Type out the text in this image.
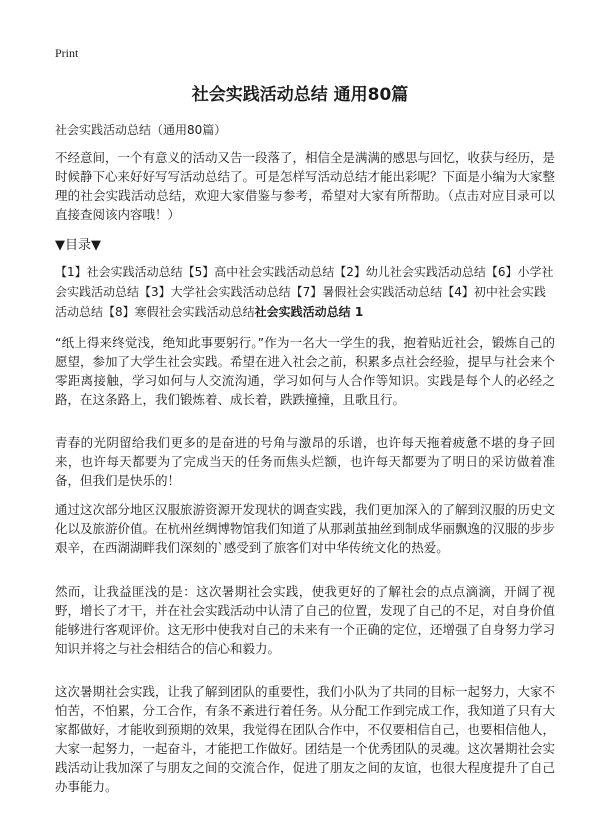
Print
社会实践活动总结 通用80篇

社会实践活动总结（通用80篇）

不经意间，一个有意义的活动又告一段落了，相信全是满满的感思与回忆，收获与经历，是时候静下心来好好写写活动总结了。可是怎样写活动总结才能出彩呢？下面是小编为大家整理的社会实践活动总结，欢迎大家借鉴与参考，希望对大家有所帮助。（点击对应目录可以直接查阅该内容哦！）

▼目录▼

【1】社会实践活动总结【5】高中社会实践活动总结【2】幼儿社会实践活动总结【6】小学社会实践活动总结【3】大学社会实践活动总结【7】暑假社会实践活动总结【4】初中社会实践活动总结【8】寒假社会实践活动总结社会实践活动总结 1

“纸上得来终觉浅，绝知此事要躬行。”作为一名大一学生的我，抱着贴近社会，锻炼自己的愿望，参加了大学生社会实践。希望在进入社会之前，积累多点社会经验，提早与社会来个零距离接触，学习如何与人交流沟通，学习如何与人合作等知识。实践是每个人的必经之路，在这条路上，我们锻炼着、成长着，跌跌撞撞，且歌且行。

青春的光阴留给我们更多的是奋进的号角与激昂的乐谱，也许每天拖着疲惫不堪的身子回来，也许每天都要为了完成当天的任务而焦头烂额，也许每天都要为了明日的采访做着准备，但我们是快乐的！

通过这次部分地区汉服旅游资源开发现状的调查实践，我们更加深入的了解到汉服的历史文化以及旅游价值。在杭州丝绸博物馆我们知道了从那剥茧抽丝到制成华丽飘逸的汉服的步步艰辛，在西湖湖畔我们深刻的`感受到了旅客们对中华传统文化的热爱。

然而，让我益匪浅的是：这次暑期社会实践，使我更好的了解社会的点点滴滴，开阔了视野，增长了才干，并在社会实践活动中认清了自己的位置，发现了自己的不足，对自身价值能够进行客观评价。这无形中使我对自己的未来有一个正确的定位，还增强了自身努力学习知识并将之与社会相结合的信心和毅力。

这次暑期社会实践，让我了解到团队的重要性，我们小队为了共同的目标一起努力，大家不怕苦，不怕累，分工合作，有条不紊进行着任务。从分配工作到完成工作，我知道了只有大家都做好，才能收到预期的效果，我觉得在团队合作中，不仅要相信自己，也要相信他人，大家一起努力，一起奋斗，才能把工作做好。团结是一个优秀团队的灵魂。这次暑期社会实践活动让我加深了与朋友之间的交流合作，促进了朋友之间的友谊，也很大程度提升了自己办事能力。
